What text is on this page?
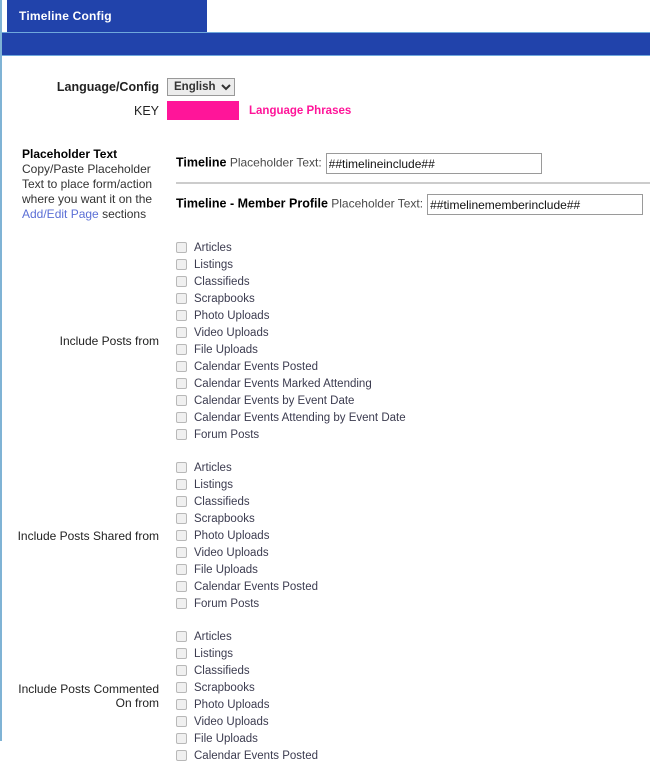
Timeline Config
Language/Config
English
KEY	Language Phrases
Placeholder Text
Copy/Paste Placeholder Text to place form/action where you want it on the Add/Edit Page sections
Timeline Placeholder Text:##timelineinclude##
Timeline - Member Profile Placeholder Text:##timelinememberinclude##
Include Posts from
Articles
Listings
Classifieds
Scrapbooks
Photo Uploads
Video Uploads
File Uploads
Calendar Events Posted
Calendar Events Marked Attending
Calendar Events by Event Date
Calendar Events Attending by Event Date
Forum Posts
Include Posts Shared from
Articles
Listings
Classifieds
Scrapbooks
Photo Uploads
Video Uploads
File Uploads
Calendar Events Posted
Forum Posts
Include Posts Commented On from
Articles
Listings
Classifieds
Scrapbooks
Photo Uploads
Video Uploads
File Uploads
Calendar Events Posted
